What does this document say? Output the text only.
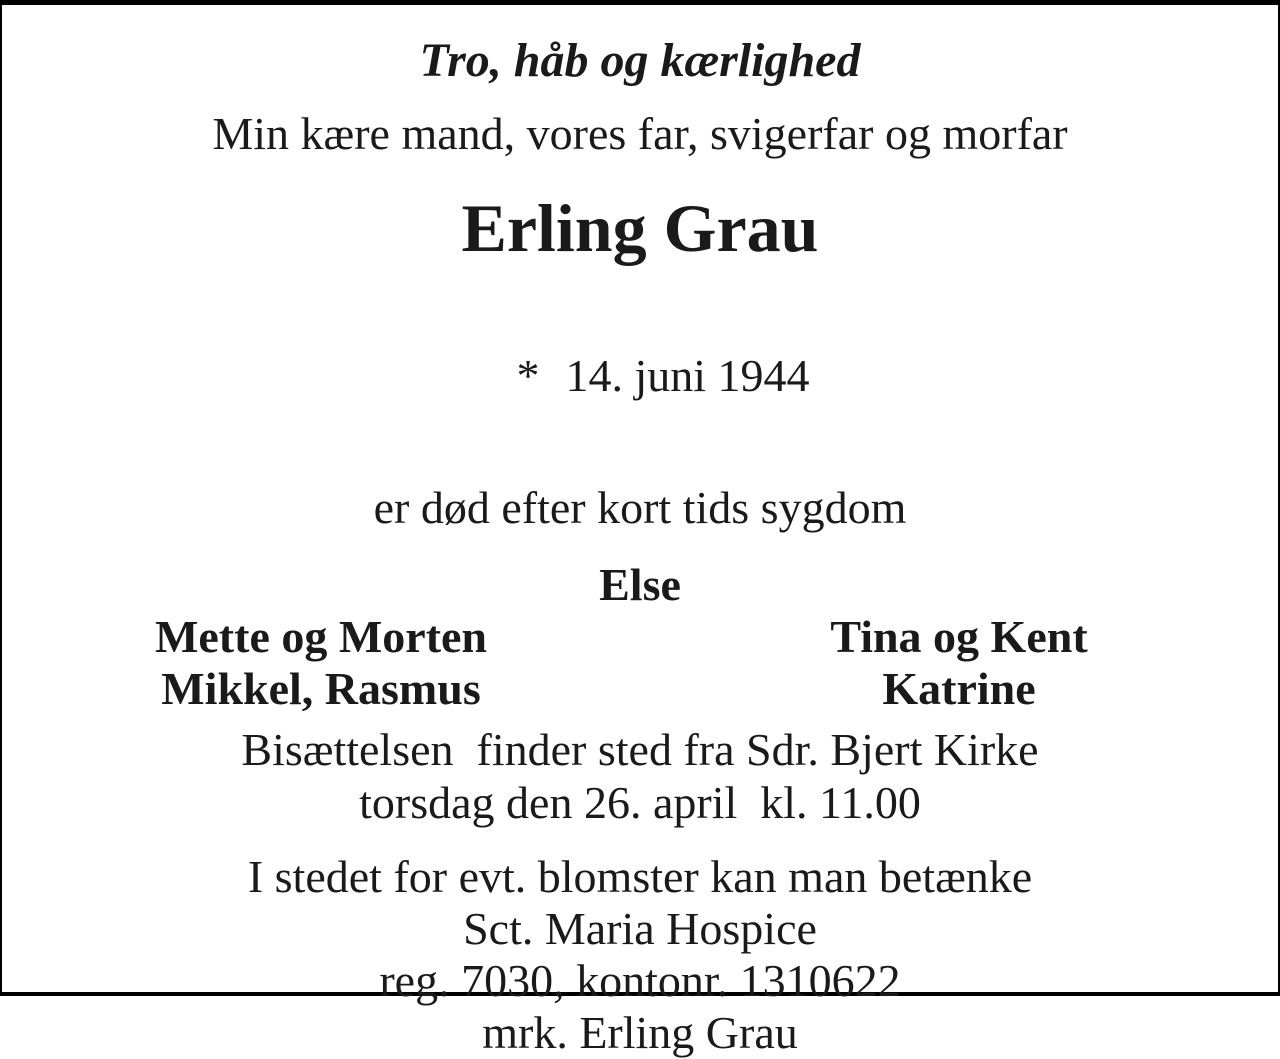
Tro, håb og kærlighed
Min kære mand, vores far, svigerfar og morfar
Erling Grau

* 14. juni 1944

er død efter kort tids sygdom
Else
Mette og Morten
Mikkel, Rasmus
Tina og Kent
Katrine
Bisættelsen  finder sted fra Sdr. Bjert Kirke
torsdag den 26. april  kl. 11.00
I stedet for evt. blomster kan man betænke
Sct. Maria Hospice
reg. 7030, kontonr. 1310622
mrk. Erling Grau
